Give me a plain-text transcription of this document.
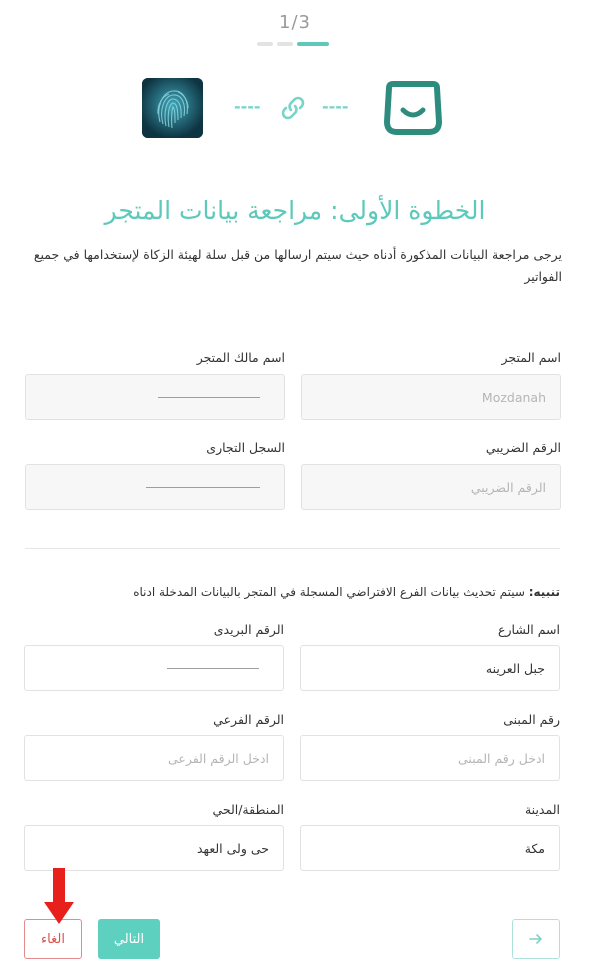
1/3
----	----
الخطوة الأولى: مراجعة بيانات المتجر
يرجى مراجعة البيانات المذكورة أدناه حيث سيتم ارسالها من قبل سلة لهيئة الزكاة لإستخدامها في جميع الفواتير
اسم المتجر
Mozdanah
اسم مالك المتجر
الرقم الضريبي
الرقم الضريبي
السجل التجارى
تنبيه: سيتم تحديث بيانات الفرع الافتراضي المسجلة في المتجر بالبيانات المدخلة ادناه
اسم الشارع
جبل العرينه
الرقم البريدى
رقم المبنى
ادخل رقم المبنى
الرقم الفرعي
ادخل الرقم الفرعى
المدينة
مكة
المنطقة/الحي
حى ولى العهد
الغاء	التالي
